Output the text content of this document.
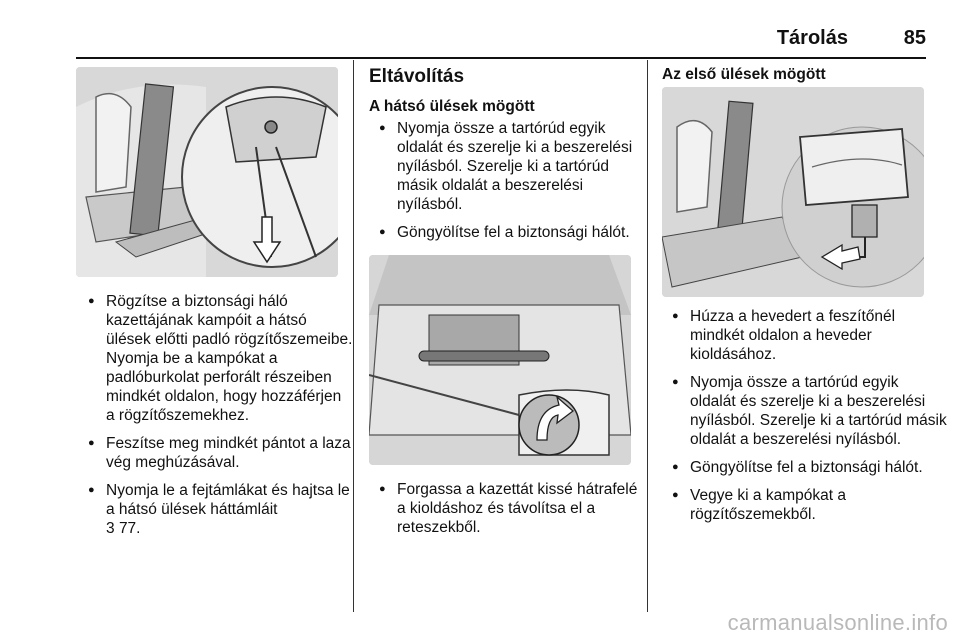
Tárolás	85
● Rögzítse a biztonsági háló kazettájának kampóit a hátsó ülések előtti padló rögzítőszemeibe. Nyomja be a kampókat a padlóburkolat perforált részeiben mindkét oldalon, hogy hozzáférjen a rögzítőszemekhez.
● Feszítse meg mindkét pántot a laza vég meghúzásával.
● Nyomja le a fejtámlákat és hajtsa le a hátsó ülések háttámláit
3 77.
Eltávolítás
A hátsó ülések mögött
● Nyomja össze a tartórúd egyik oldalát és szerelje ki a beszerelési nyílásból. Szerelje ki a tartórúd másik oldalát a beszerelési nyílásból.
● Göngyölítse fel a biztonsági hálót.
● Forgassa a kazettát kissé hátrafelé a kioldáshoz és távolítsa el a reteszekből.
Az első ülések mögött
● Húzza a hevedert a feszítőnél mindkét oldalon a heveder kioldásához.
● Nyomja össze a tartórúd egyik oldalát és szerelje ki a beszerelési nyílásból. Szerelje ki a tartórúd másik oldalát a beszerelési nyílásból.
● Göngyölítse fel a biztonsági hálót.
● Vegye ki a kampókat a rögzítőszemekből.
carmanualsonline.info
